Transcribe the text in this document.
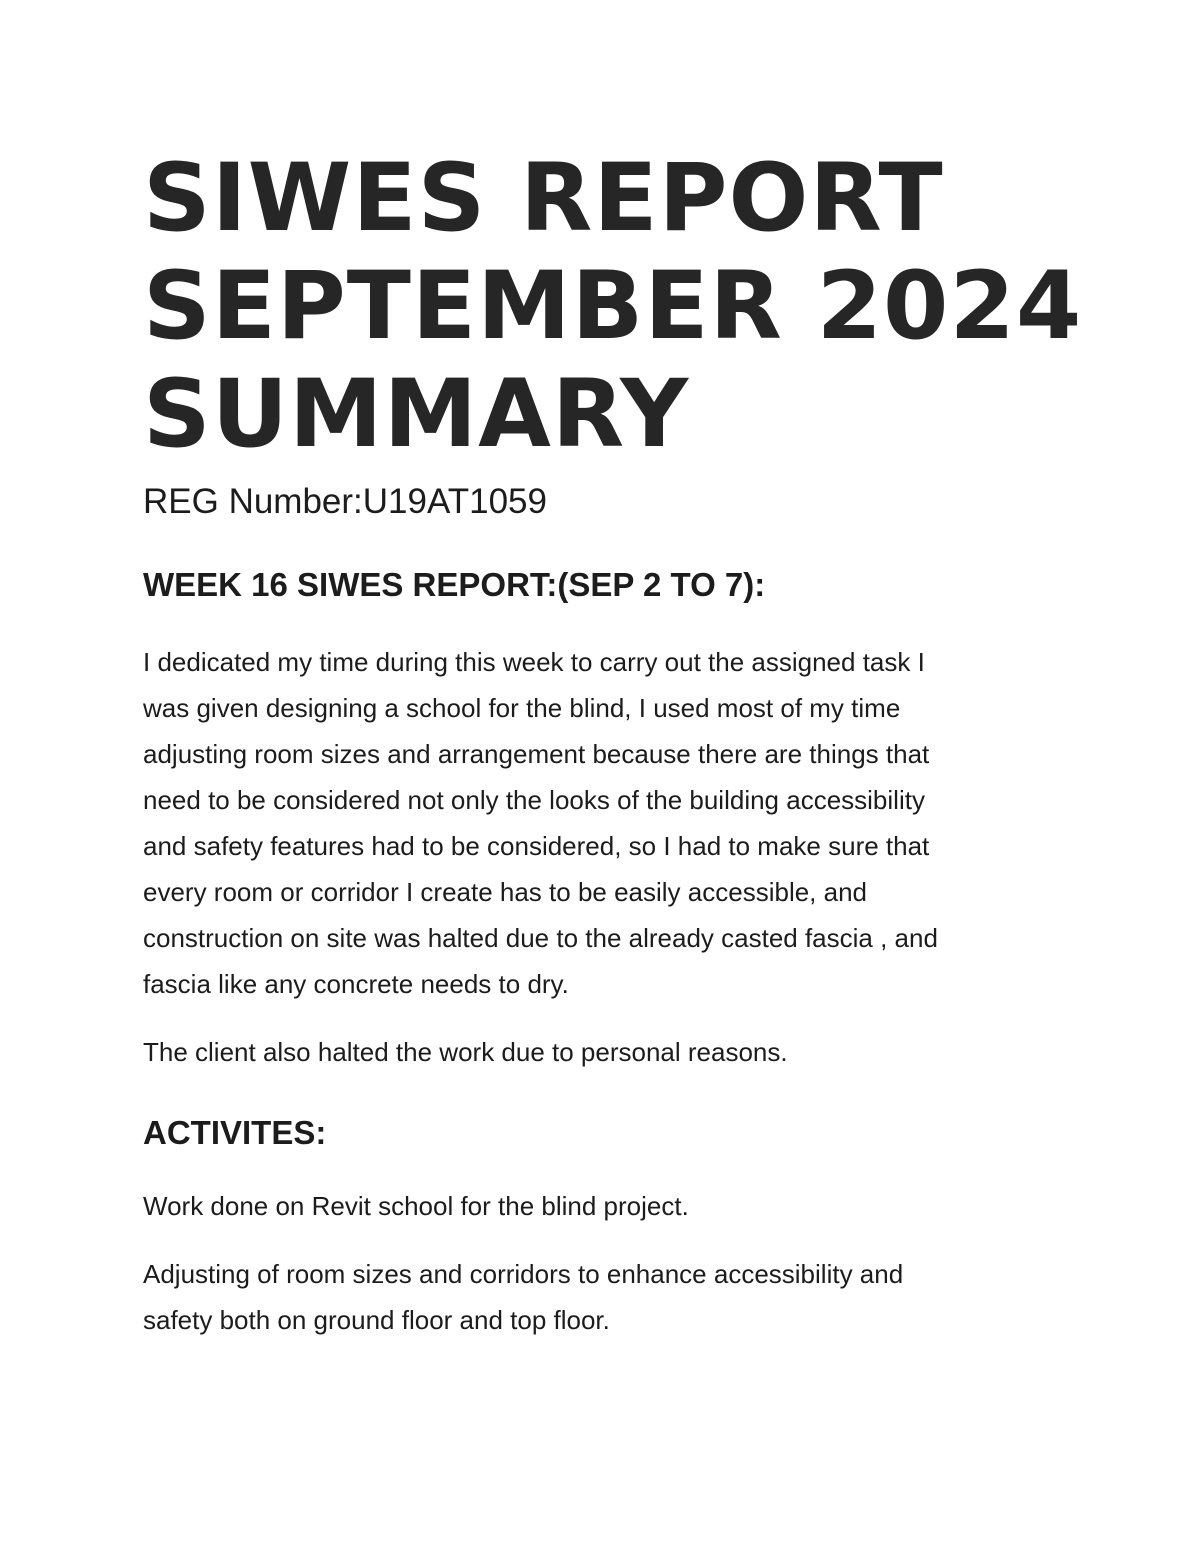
SIWES REPORT
SEPTEMBER 2024
SUMMARY

REG Number:U19AT1059

WEEK 16 SIWES REPORT:(SEP 2 TO 7):

I dedicated my time during this week to carry out the assigned task I
was given designing a school for the blind, I used most of my time
adjusting room sizes and arrangement because there are things that
need to be considered not only the looks of the building accessibility
and safety features had to be considered, so I had to make sure that
every room or corridor I create has to be easily accessible, and
construction on site was halted due to the already casted fascia , and
fascia like any concrete needs to dry.

The client also halted the work due to personal reasons.

ACTIVITES:

Work done on Revit school for the blind project.

Adjusting of room sizes and corridors to enhance accessibility and
safety both on ground floor and top floor.
